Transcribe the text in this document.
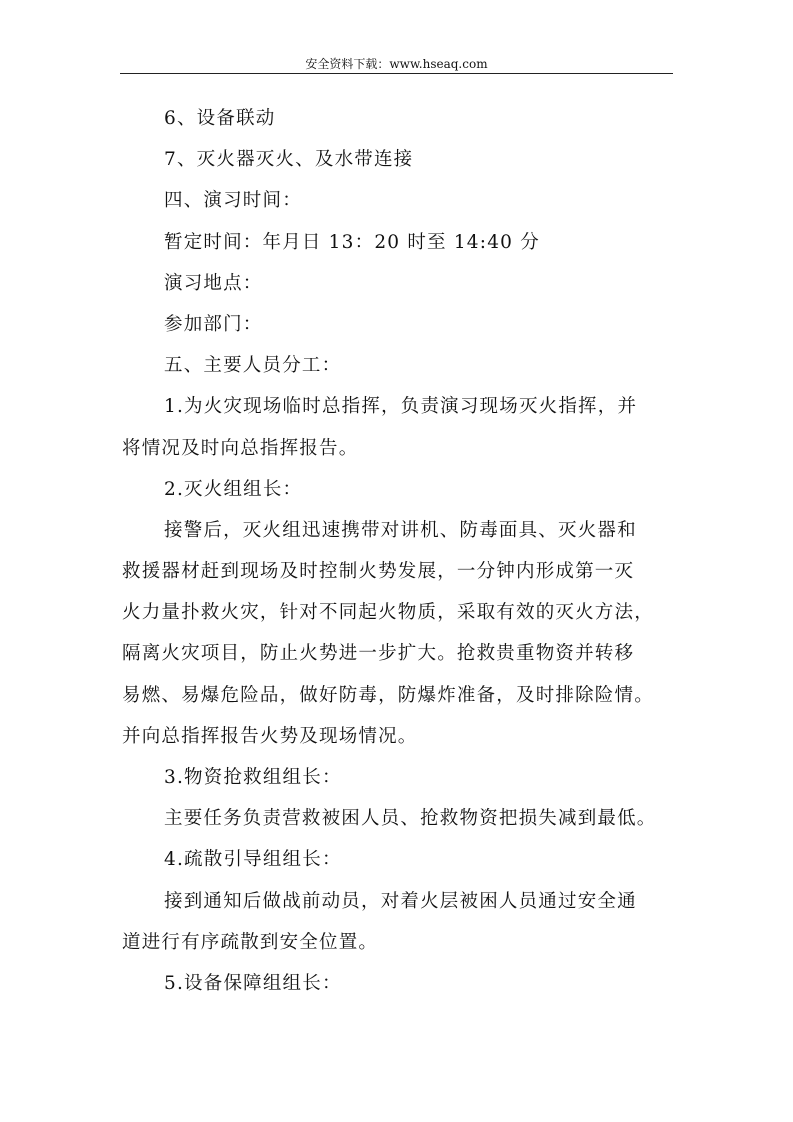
安全资料下载：www.hseaq.com
6、设备联动
7、灭火器灭火、及水带连接
四、演习时间：
暂定时间：年月日 13：20 时至 14:40 分
演习地点：
参加部门：
五、主要人员分工：
1.为火灾现场临时总指挥，负责演习现场灭火指挥，并
将情况及时向总指挥报告。
2.灭火组组长：
接警后，灭火组迅速携带对讲机、防毒面具、灭火器和
救援器材赶到现场及时控制火势发展，一分钟内形成第一灭
火力量扑救火灾，针对不同起火物质，采取有效的灭火方法，
隔离火灾项目，防止火势进一步扩大。抢救贵重物资并转移
易燃、易爆危险品，做好防毒，防爆炸准备，及时排除险情。
并向总指挥报告火势及现场情况。
3.物资抢救组组长：
主要任务负责营救被困人员、抢救物资把损失减到最低。
4.疏散引导组组长：
接到通知后做战前动员，对着火层被困人员通过安全通
道进行有序疏散到安全位置。
5.设备保障组组长：
